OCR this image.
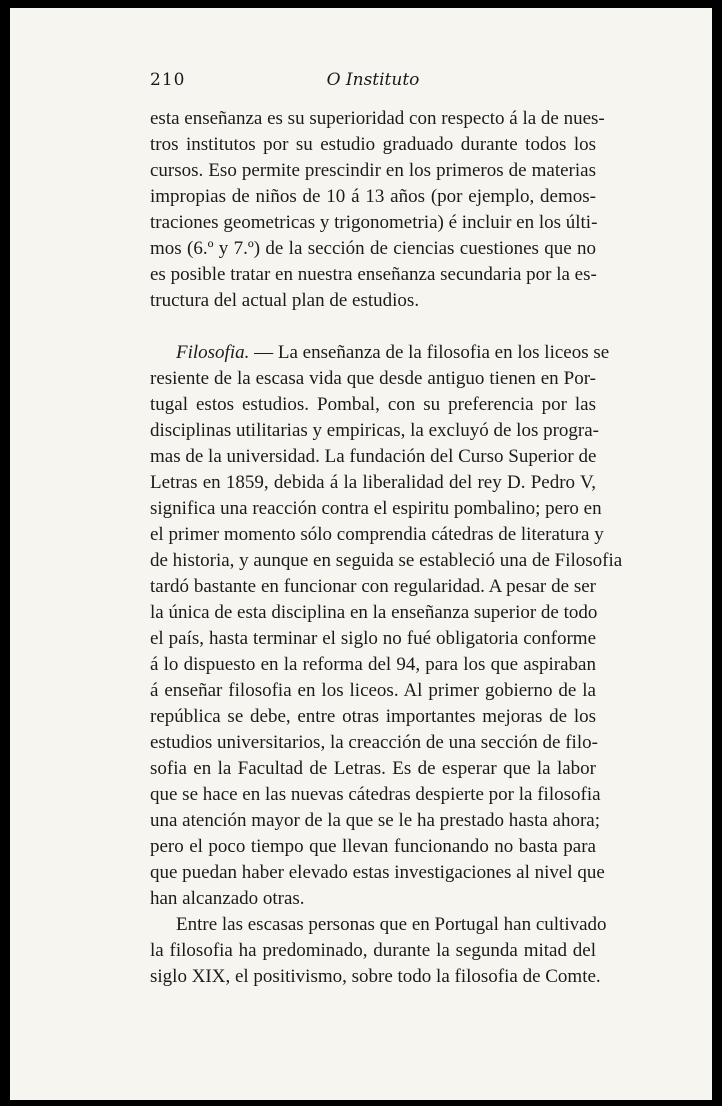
210	O Instituto
esta enseñanza es su superioridad con respecto á la de nues-
tros institutos por su estudio graduado durante todos los
cursos. Eso permite prescindir en los primeros de materias
impropias de niños de 10 á 13 años (por ejemplo, demos-
traciones geometricas y trigonometria) é incluir en los últi-
mos (6.º y 7.º) de la sección de ciencias cuestiones que no
es posible tratar en nuestra enseñanza secundaria por la es-
tructura del actual plan de estudios.
Filosofia. — La enseñanza de la filosofia en los liceos se
resiente de la escasa vida que desde antiguo tienen en Por-
tugal estos estudios. Pombal, con su preferencia por las
disciplinas utilitarias y empiricas, la excluyó de los progra-
mas de la universidad. La fundación del Curso Superior de
Letras en 1859, debida á la liberalidad del rey D. Pedro V,
significa una reacción contra el espiritu pombalino; pero en
el primer momento sólo comprendia cátedras de literatura y
de historia, y aunque en seguida se estableció una de Filosofia
tardó bastante en funcionar con regularidad. A pesar de ser
la única de esta disciplina en la enseñanza superior de todo
el país, hasta terminar el siglo no fué obligatoria conforme
á lo dispuesto en la reforma del 94, para los que aspiraban
á enseñar filosofia en los liceos. Al primer gobierno de la
república se debe, entre otras importantes mejoras de los
estudios universitarios, la creacción de una sección de filo-
sofia en la Facultad de Letras. Es de esperar que la labor
que se hace en las nuevas cátedras despierte por la filosofia
una atención mayor de la que se le ha prestado hasta ahora;
pero el poco tiempo que llevan funcionando no basta para
que puedan haber elevado estas investigaciones al nivel que
han alcanzado otras.
Entre las escasas personas que en Portugal han cultivado
la filosofia ha predominado, durante la segunda mitad del
siglo XIX, el positivismo, sobre todo la filosofia de Comte.
